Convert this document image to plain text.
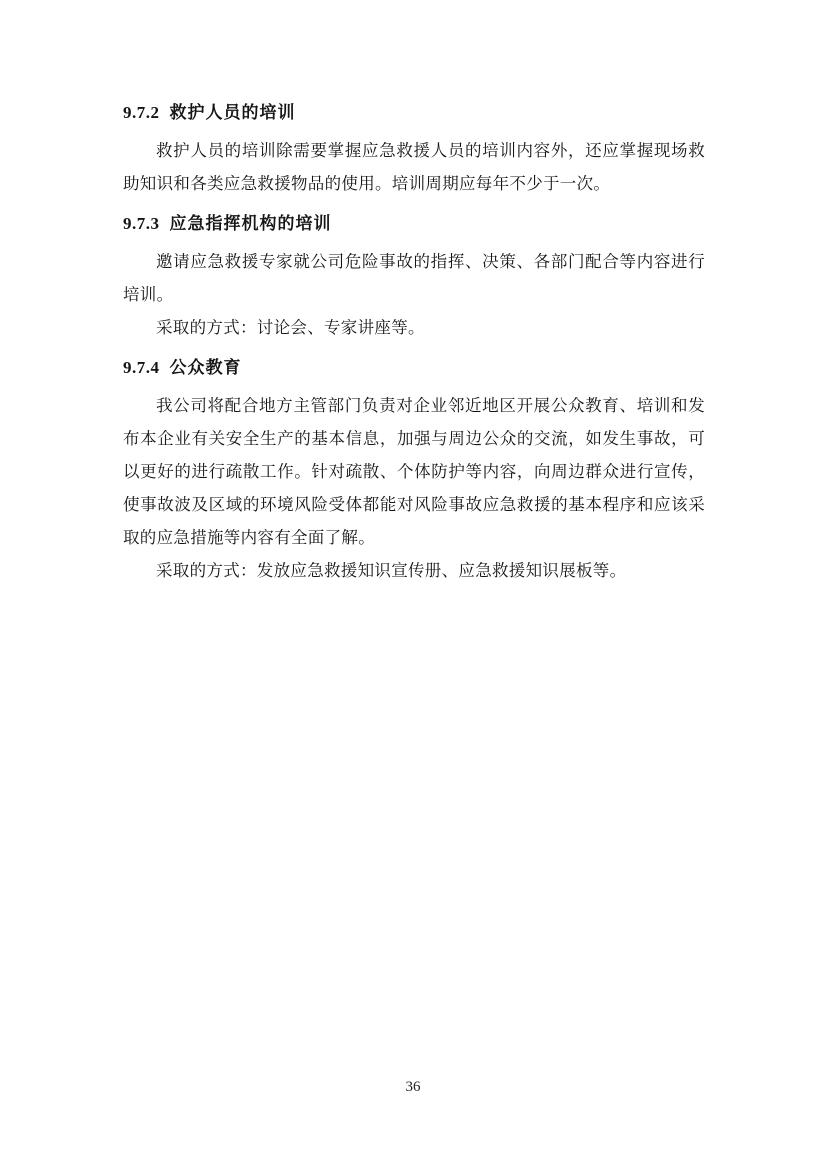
9.7.2 救护人员的培训

救护人员的培训除需要掌握应急救援人员的培训内容外，还应掌握现场救助知识和各类应急救援物品的使用。培训周期应每年不少于一次。

9.7.3 应急指挥机构的培训

邀请应急救援专家就公司危险事故的指挥、决策、各部门配合等内容进行培训。

采取的方式：讨论会、专家讲座等。

9.7.4 公众教育

我公司将配合地方主管部门负责对企业邻近地区开展公众教育、培训和发布本企业有关安全生产的基本信息，加强与周边公众的交流，如发生事故，可以更好的进行疏散工作。针对疏散、个体防护等内容，向周边群众进行宣传，使事故波及区域的环境风险受体都能对风险事故应急救援的基本程序和应该采取的应急措施等内容有全面了解。

采取的方式：发放应急救援知识宣传册、应急救援知识展板等。

36
